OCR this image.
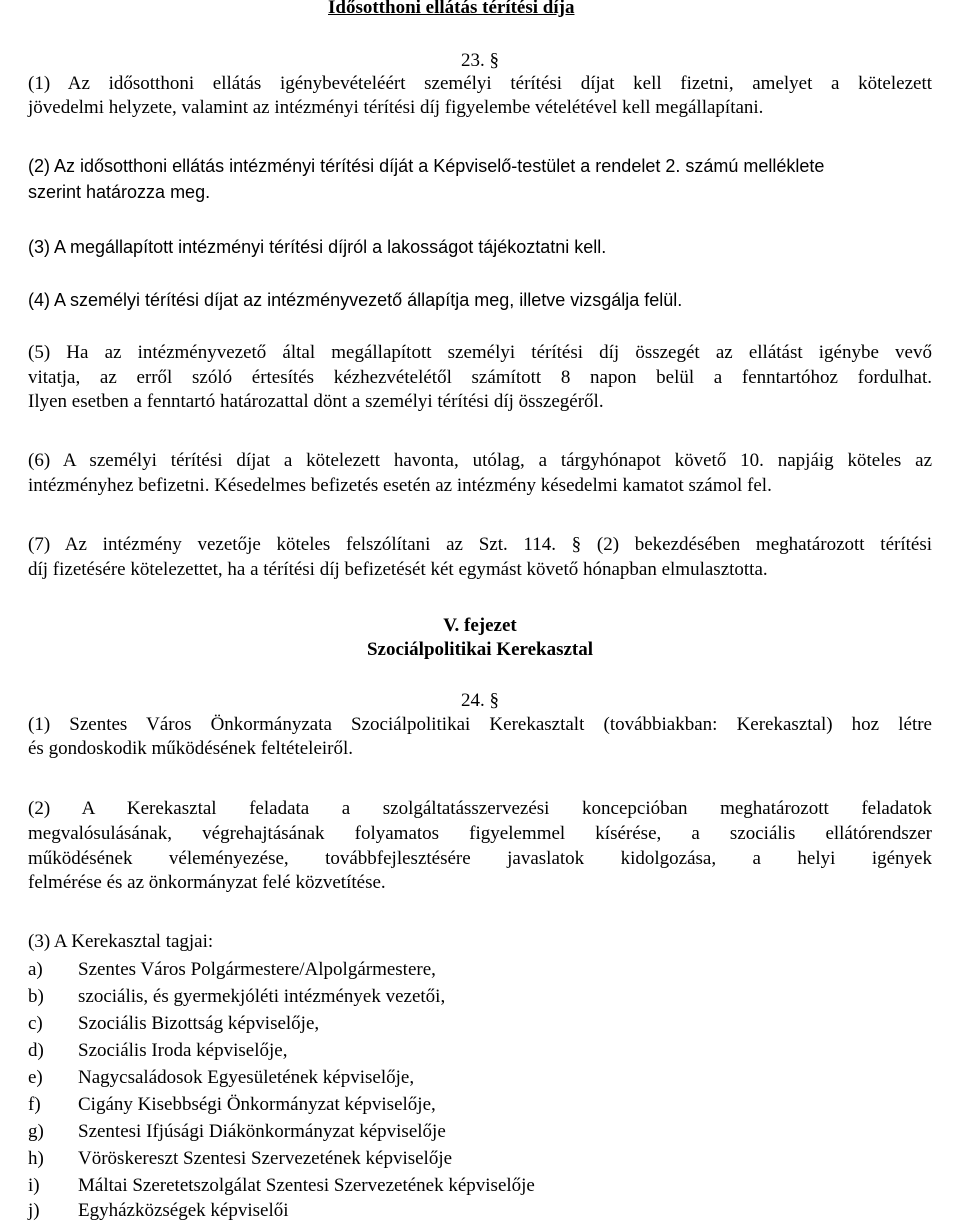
Idősotthoni ellátás térítési díja
23. §
(1) Az idősotthoni ellátás igénybevételéért személyi térítési díjat kell fizetni, amelyet a kötelezett
jövedelmi helyzete, valamint az intézményi térítési díj figyelembe vételétével kell megállapítani.
(2) Az idősotthoni ellátás intézményi térítési díját a Képviselő-testület a rendelet 2. számú melléklete
szerint határozza meg.
(3) A megállapított intézményi térítési díjról a lakosságot tájékoztatni kell.
(4) A személyi térítési díjat az intézményvezető állapítja meg, illetve vizsgálja felül.
(5) Ha az intézményvezető által megállapított személyi térítési díj összegét az ellátást igénybe vevő
vitatja, az erről szóló értesítés kézhezvételétől számított 8 napon belül a fenntartóhoz fordulhat.
Ilyen esetben a fenntartó határozattal dönt a személyi térítési díj összegéről.
(6) A személyi térítési díjat a kötelezett havonta, utólag, a tárgyhónapot követő 10. napjáig köteles az
intézményhez befizetni. Késedelmes befizetés esetén az intézmény késedelmi kamatot számol fel.
(7) Az intézmény vezetője köteles felszólítani az Szt. 114. § (2) bekezdésében meghatározott térítési
díj fizetésére kötelezettet, ha a térítési díj befizetését két egymást követő hónapban elmulasztotta.
V. fejezet
Szociálpolitikai Kerekasztal
24. §
(1) Szentes Város Önkormányzata Szociálpolitikai Kerekasztalt (továbbiakban: Kerekasztal) hoz létre
és gondoskodik működésének feltételeiről.
(2) A Kerekasztal feladata a szolgáltatásszervezési koncepcióban meghatározott feladatok
megvalósulásának, végrehajtásának folyamatos figyelemmel kísérése, a szociális ellátórendszer
működésének véleményezése, továbbfejlesztésére javaslatok kidolgozása, a helyi igények
felmérése és az önkormányzat felé közvetítése.
(3) A Kerekasztal tagjai:
a) Szentes Város Polgármestere/Alpolgármestere,
b) szociális, és gyermekjóléti intézmények vezetői,
c) Szociális Bizottság képviselője,
d) Szociális Iroda képviselője,
e) Nagycsaládosok Egyesületének képviselője,
f) Cigány Kisebbségi Önkormányzat képviselője,
g) Szentesi Ifjúsági Diákönkormányzat képviselője
h) Vöröskereszt Szentesi Szervezetének képviselője
i) Máltai Szeretetszolgálat Szentesi Szervezetének képviselője
j) Egyházközségek képviselői
